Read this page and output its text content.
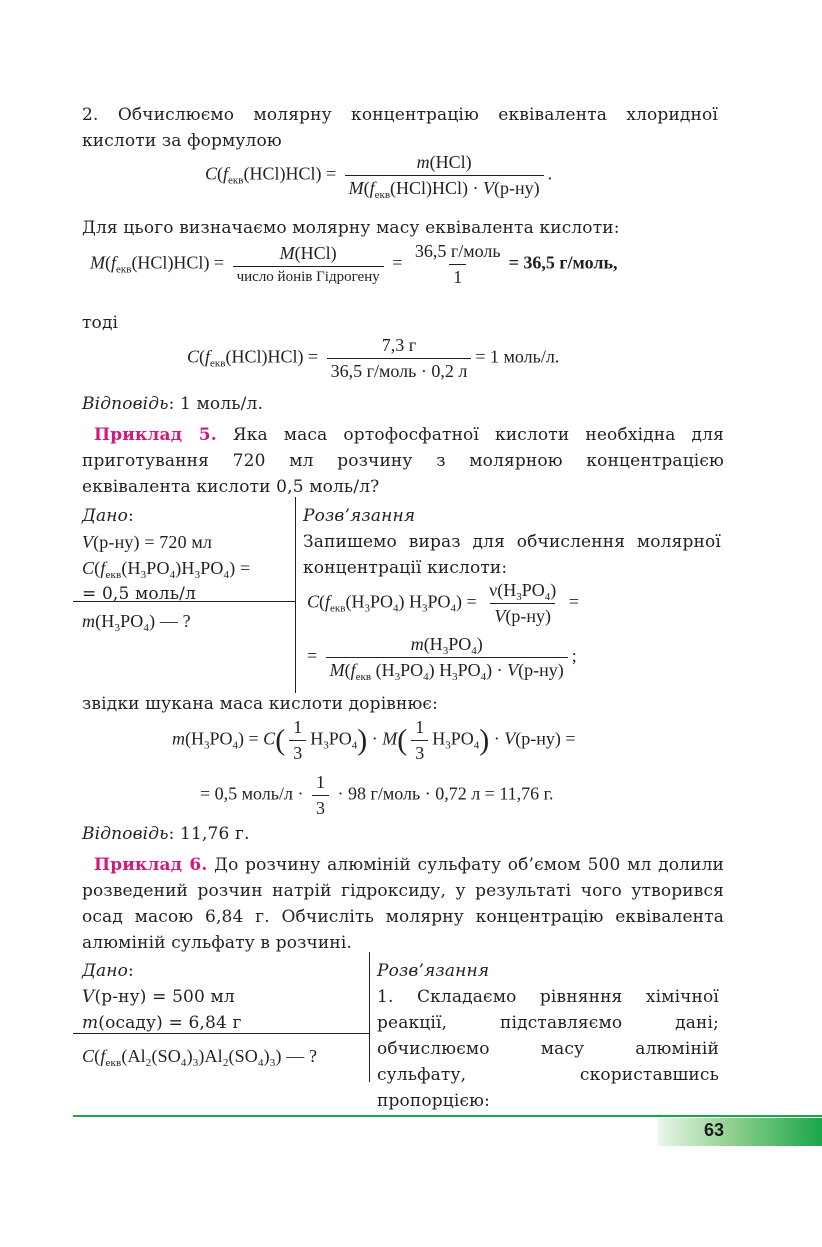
2. Обчислюємо молярну концентрацію еквівалента хлоридної кислоти за формулою
$C(f_{екв}(HCl)HCl) = \frac{\text{m(HCl)}}{M(f_{екв}(HCl)HCl) \cdot V(р-ну)}$ .
Для цього визначаємо молярну масу еквівалента кислоти:
$M(f_{екв}(HCl)HCl) = \frac{\text{M(HCl)}}{\text{число йонів Гідрогену}} = \frac{\text{36,5 г/моль}}{1} = 36,5$ г/моль,
тоді
$C(f_{екв}(HCl)HCl) = \frac{7,3 г}{\text{36,5 г/моль · 0,2 л}} = 1$ моль/л.
Відповідь: 1 моль/л.
Приклад 5. Яка маса ортофосфатної кислоти необхідна для приготування 720 мл розчину з молярною концентрацією еквівалента кислоти 0,5 моль/л?
Дано:
V(р-ну) = 720 мл
$C(f_{екв}(H_3PO_4)H_3PO_4)$ =
= 0,5 моль/л
$m(H_3PO_4)$ — ?
Розв’язання
Запишемо вираз для обчислення молярної концентрації кислоти:
$C(f_{екв}(H_3PO_4) H_3PO_4) = \frac{\nu(H_3PO_4)}{V(р-ну)}$ =
= $\frac{m(H_3PO_4)}{M(f_{екв} (H_3PO_4) H_3PO_4) \cdot V(р-ну)}$ ;
звідки шукана маса кислоти дорівнює:
$m(H_3PO_4) = C( \frac{1}{3} H_3PO_4) \cdot M( \frac{1}{3} H_3PO_4) \cdot V(р-ну)$ =
= 0,5 моль/л · $\frac{1}{3} \cdot 98$ г/моль · 0,72 л = 11,76 г.
Відповідь: 11,76 г.
Приклад 6. До розчину алюміній сульфату об’ємом 500 мл долили розведений розчин натрій гідроксиду, у результаті чого утворився осад масою 6,84 г. Обчисліть молярну концентрацію еквівалента алюміній сульфату в розчині.
Дано:
V(р-ну) = 500 мл
m(осаду) = 6,84 г
$C(f_{екв}(Al_2(SO_4)_3)Al_2(SO_4)_3)$ — ?
Розв’язання
1. Складаємо рівняння хімічної реакції, підставляємо дані; обчислюємо масу алюміній сульфату, скориставшись пропорцією:
63
